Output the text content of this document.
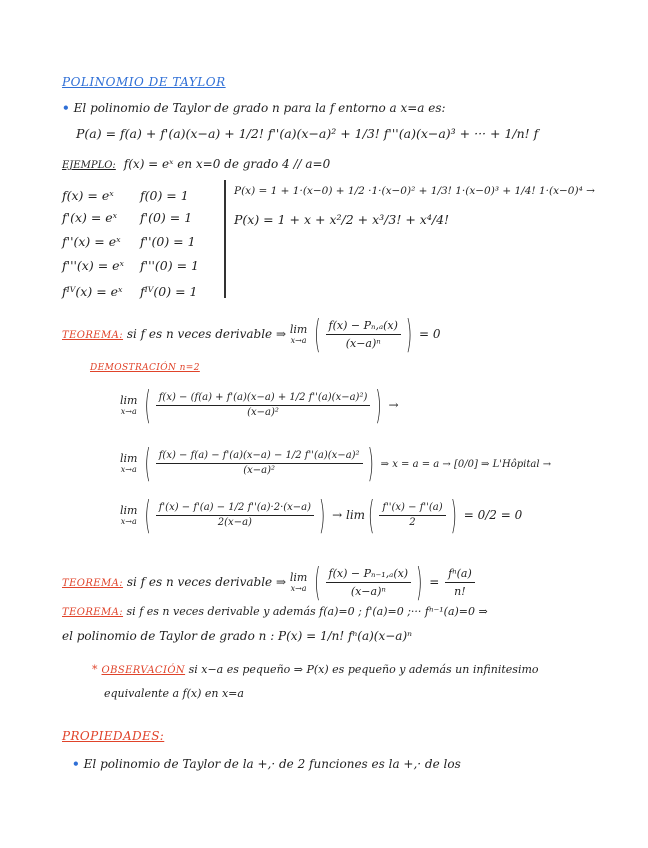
POLINOMIO DE TAYLOR
• El polinomio de Taylor de grado n para la f entorno a x=a es:
P(a) = f(a) + f'(a)(x−a) + 1/2! f''(a)(x−a)² + 1/3! f'''(a)(x−a)³ + ··· + 1/n! f
EJEMPLO: f(x) = eˣ en x=0 de grado 4 // a=0
f(x) = eˣ f(0) = 1
f'(x) = eˣ f'(0) = 1
f''(x) = eˣ f''(0) = 1
f'''(x) = eˣ f'''(0) = 1
fᴵⱽ(x) = eˣ fᴵⱽ(0) = 1
P(x) = 1 + 1·(x−0) + 1/2 ·1·(x−0)² + 1/3! 1·(x−0)³ + 1/4! 1·(x−0)⁴ →
P(x) = 1 + x + x²/2 + x³/3! + x⁴/4!
TEOREMA: si f es n veces derivable ⇒ lim
x→a ( $\frac{\text{f(x) − Pₙ,ₐ(x)}}{\text{(x−a)ⁿ}}$ ) = 0
DEMOSTRACIÓN n=2
lim
x→a ( $\frac{\text{f(x) − (f(a) + f'(a)(x−a) + 1/2 f''(a)(x−a)²)}}{\text{(x−a)²}}$ ) →
lim
x→a ( $\frac{\text{f(x) − f(a) − f'(a)(x−a) − 1/2 f''(a)(x−a)²}}{\text{(x−a)²}}$ ) ⇒ x = a = a → [0/0] ⇒ L'Hôpital →
lim
x→a ( $\frac{f'(x) - f'(a) - 1/2 f''(a)\cdot 2\cdot(x-a)}{2(x-a)}$ ) → lim ( $\frac{f''(x) - f''(a)}{2}$ ) = 0/2 = 0
TEOREMA: si f es n veces derivable ⇒ lim
x→a ( $\frac{\text{f(x) − Pₙ₋₁,ₐ(x)}}{\text{(x−a)ⁿ}}$ ) = $\frac{\text{fⁿ(a)}}{n!}$
TEOREMA: si f es n veces derivable y además f(a)=0 ; f'(a)=0 ;··· fⁿ⁻¹(a)=0 ⇒
el polinomio de Taylor de grado n : P(x) = 1/n! fⁿ(a)(x−a)ⁿ
* OBSERVACIÓN si x−a es pequeño ⇒ P(x) es pequeño y además un infinitesimo
equivalente a f(x) en x=a
PROPIEDADES:
• El polinomio de Taylor de la +,· de 2 funciones es la +,· de los
